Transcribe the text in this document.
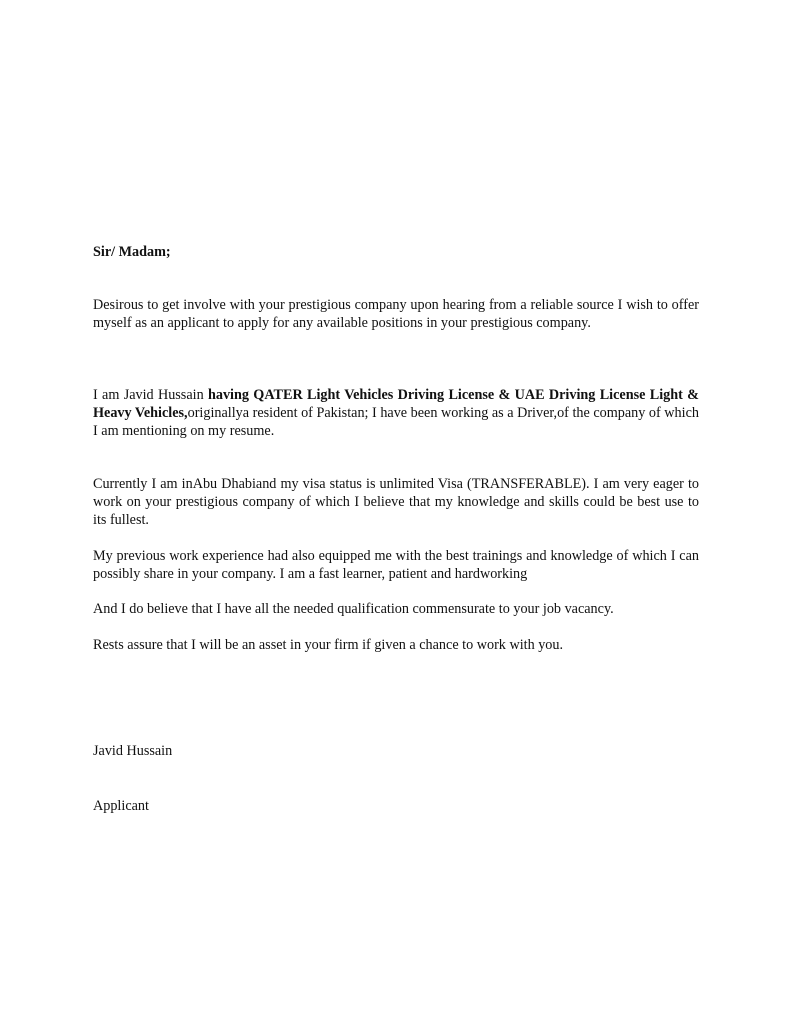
Sir/ Madam;

Desirous to get involve with your prestigious company upon hearing from a reliable source I wish to offer myself as an applicant to apply for any available positions in your prestigious company.

I am Javid Hussain having QATER Light Vehicles Driving License & UAE Driving License Light & Heavy Vehicles,originallya resident of Pakistan; I have been working as a Driver,of the company of which I am mentioning on my resume.

Currently I am inAbu Dhabiand my visa status is unlimited Visa (TRANSFERABLE). I am very eager to work on your prestigious company of which I believe that my knowledge and skills could be best use to its fullest.

My previous work experience had also equipped me with the best trainings and knowledge of which I can possibly share in your company. I am a fast learner, patient and hardworking

And I do believe that I have all the needed qualification commensurate to your job vacancy.

Rests assure that I will be an asset in your firm if given a chance to work with you.

Javid Hussain

Applicant
